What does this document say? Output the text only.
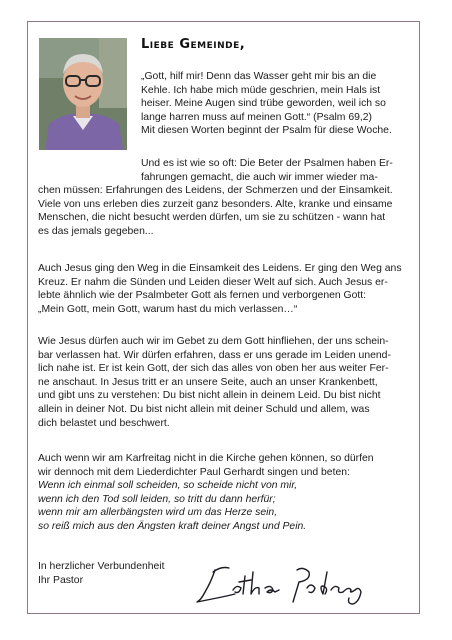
Liebe Gemeinde,

„Gott, hilf mir! Denn das Wasser geht mir bis an die
Kehle. Ich habe mich müde geschrien, mein Hals ist
heiser. Meine Augen sind trübe geworden, weil ich so
lange harren muss auf meinen Gott.“ (Psalm 69,2)
Mit diesen Worten beginnt der Psalm für diese Woche.

Und es ist wie so oft: Die Beter der Psalmen haben Er-
fahrungen gemacht, die auch wir immer wieder ma-

chen müssen: Erfahrungen des Leidens, der Schmerzen und der Einsamkeit.
Viele von uns erleben dies zurzeit ganz besonders. Alte, kranke und einsame
Menschen, die nicht besucht werden dürfen, um sie zu schützen - wann hat
es das jemals gegeben...

Auch Jesus ging den Weg in die Einsamkeit des Leidens. Er ging den Weg ans
Kreuz. Er nahm die Sünden und Leiden dieser Welt auf sich. Auch Jesus er-
lebte ähnlich wie der Psalmbeter Gott als fernen und verborgenen Gott:
„Mein Gott, mein Gott, warum hast du mich verlassen…“

Wie Jesus dürfen auch wir im Gebet zu dem Gott hinfliehen, der uns schein-
bar verlassen hat. Wir dürfen erfahren, dass er uns gerade im Leiden unend-
lich nahe ist. Er ist kein Gott, der sich das alles von oben her aus weiter Fer-
ne anschaut. In Jesus tritt er an unsere Seite, auch an unser Krankenbett,
und gibt uns zu verstehen: Du bist nicht allein in deinem Leid. Du bist nicht
allein in deiner Not. Du bist nicht allein mit deiner Schuld und allem, was
dich belastet und beschwert.

Auch wenn wir am Karfreitag nicht in die Kirche gehen können, so dürfen
wir dennoch mit dem Liederdichter Paul Gerhardt singen und beten:

Wenn ich einmal soll scheiden, so scheide nicht von mir,
wenn ich den Tod soll leiden, so tritt du dann herfür;
wenn mir am allerbängsten wird um das Herze sein,
so reiß mich aus den Ängsten kraft deiner Angst und Pein.

In herzlicher Verbundenheit
Ihr Pastor
